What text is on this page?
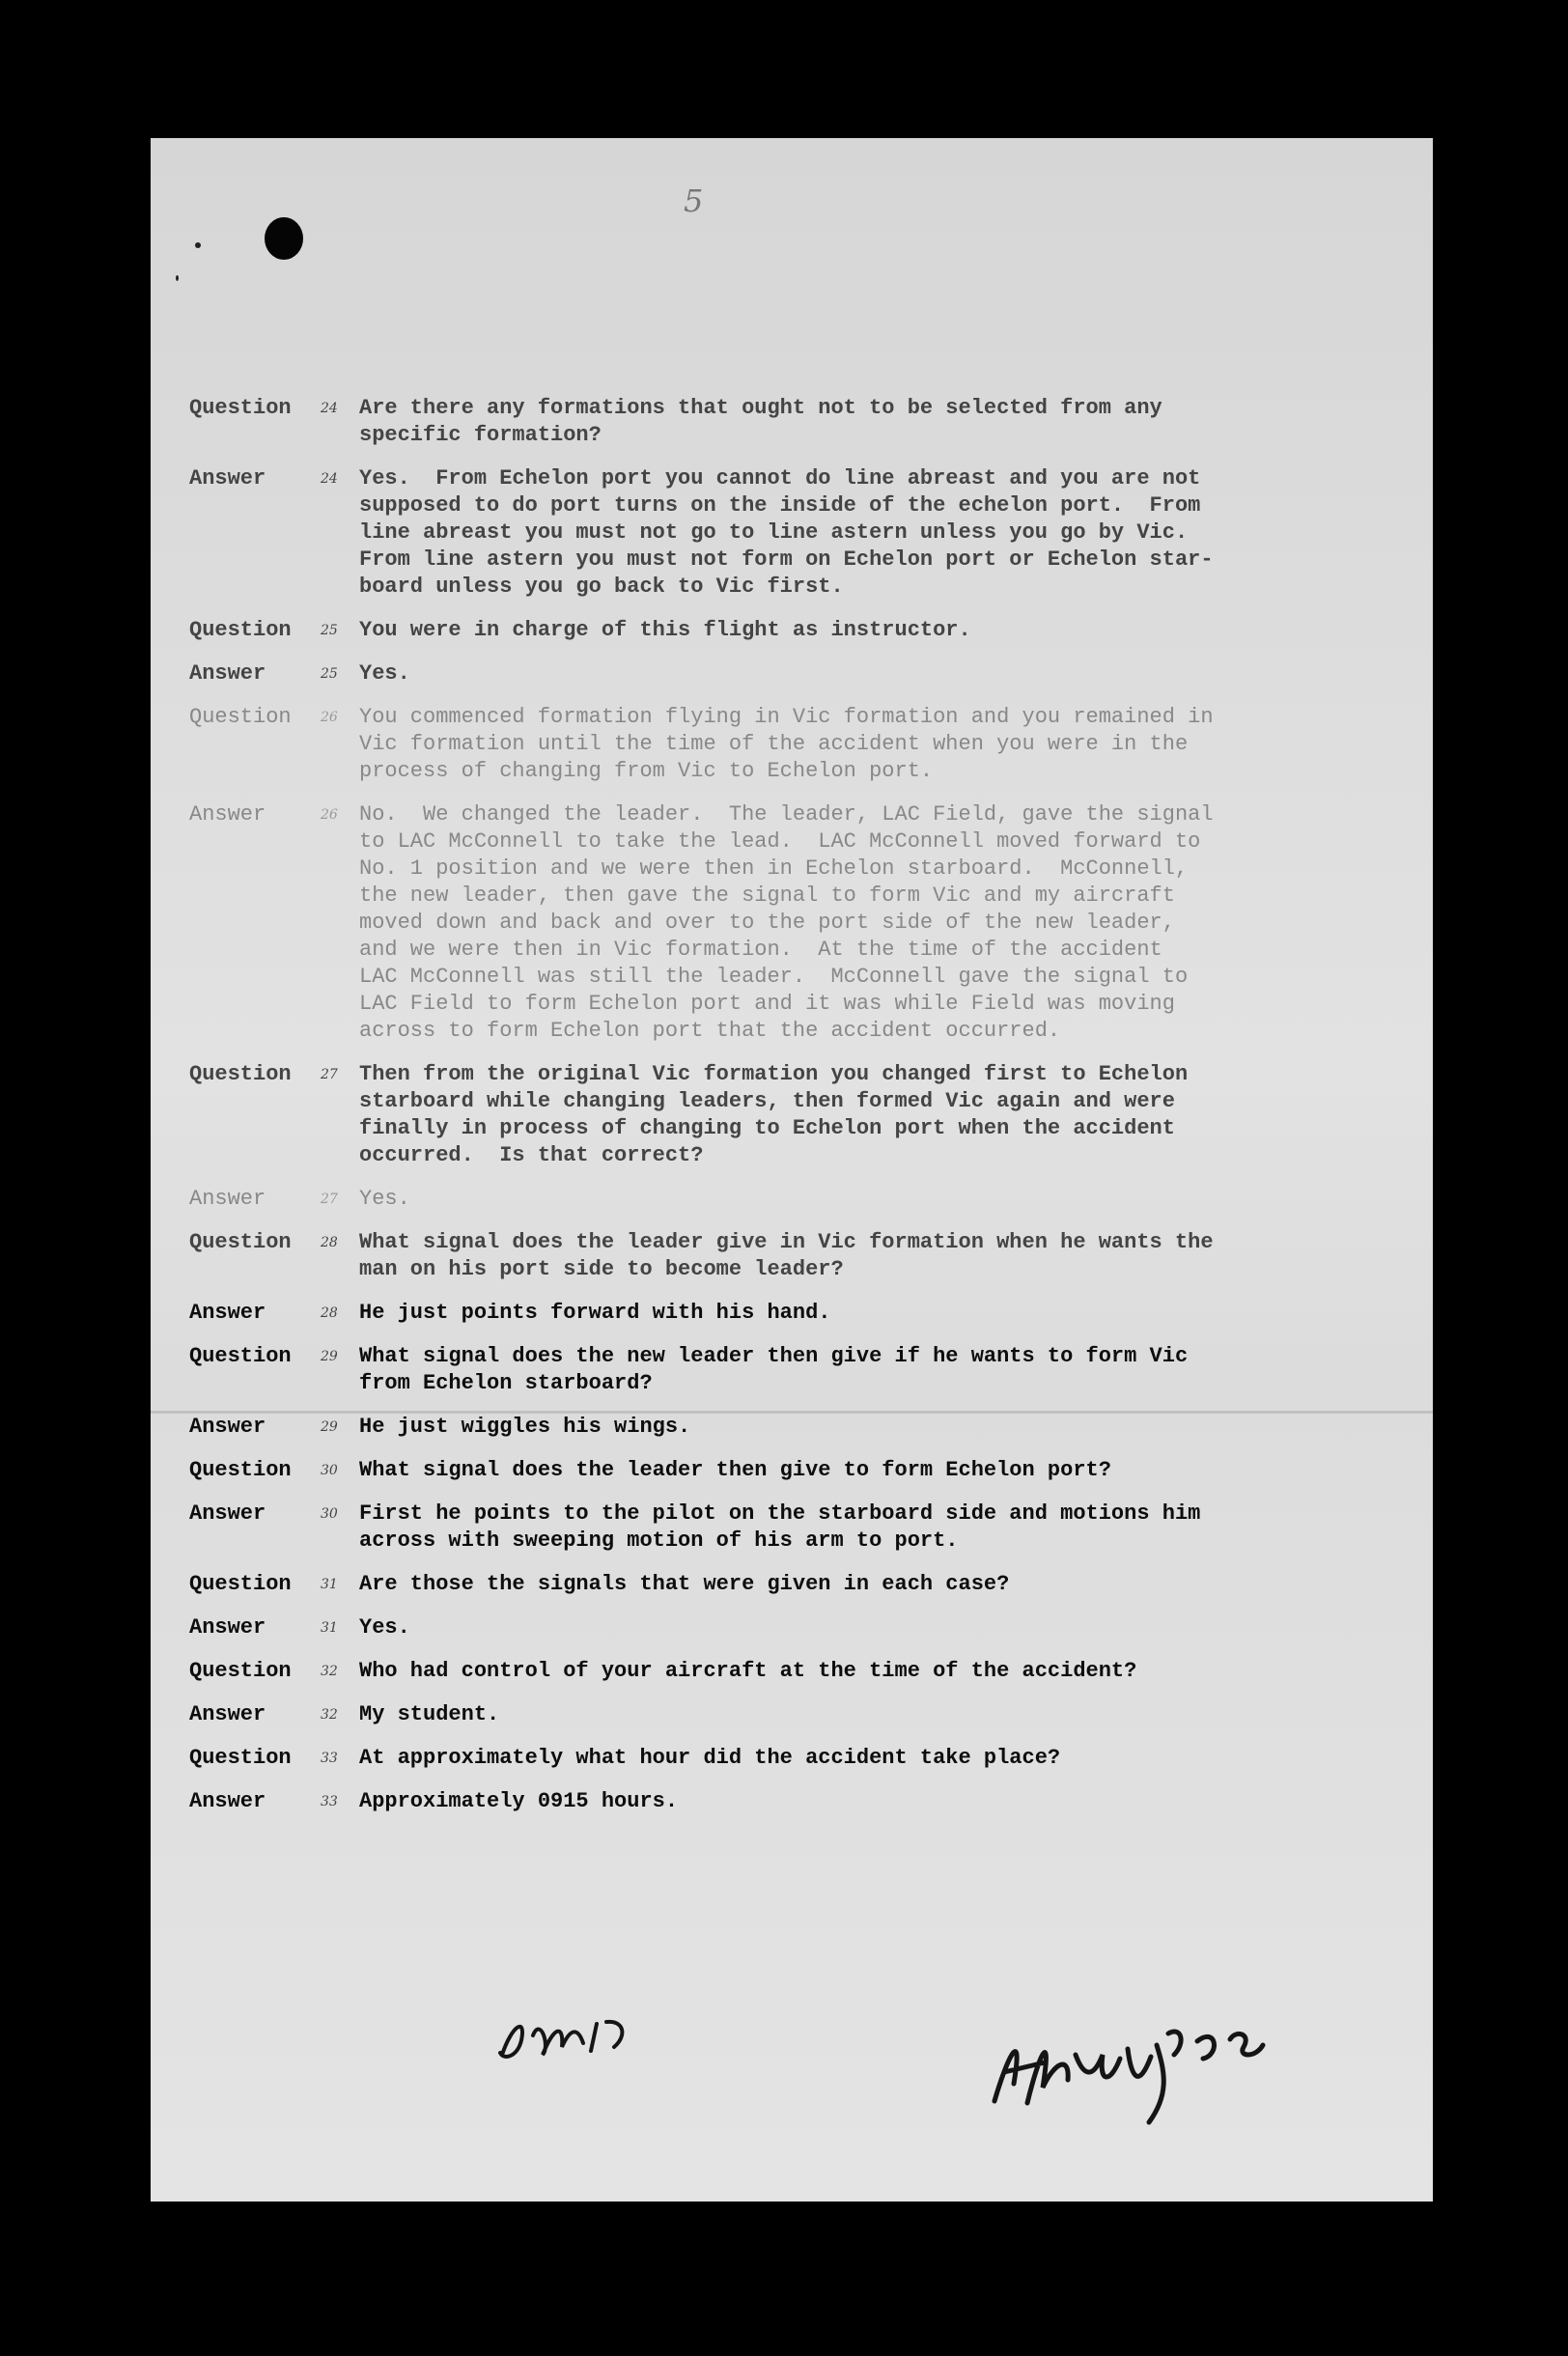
5
Question	24	Are there any formations that ought not to be selected from any
specific formation?
Answer	24	Yes.  From Echelon port you cannot do line abreast and you are not
supposed to do port turns on the inside of the echelon port.  From
line abreast you must not go to line astern unless you go by Vic.
From line astern you must not form on Echelon port or Echelon star-
board unless you go back to Vic first.
Question	25	You were in charge of this flight as instructor.
Answer	25	Yes.
Question	26	You commenced formation flying in Vic formation and you remained in
Vic formation until the time of the accident when you were in the
process of changing from Vic to Echelon port.
Answer	26	No.  We changed the leader.  The leader, LAC Field, gave the signal
to LAC McConnell to take the lead.  LAC McConnell moved forward to
No. 1 position and we were then in Echelon starboard.  McConnell,
the new leader, then gave the signal to form Vic and my aircraft
moved down and back and over to the port side of the new leader,
and we were then in Vic formation.  At the time of the accident
LAC McConnell was still the leader.  McConnell gave the signal to
LAC Field to form Echelon port and it was while Field was moving
across to form Echelon port that the accident occurred.
Question	27	Then from the original Vic formation you changed first to Echelon
starboard while changing leaders, then formed Vic again and were
finally in process of changing to Echelon port when the accident
occurred.  Is that correct?
Answer	27	Yes.
Question	28	What signal does the leader give in Vic formation when he wants the
man on his port side to become leader?
Answer	28	He just points forward with his hand.
Question	29	What signal does the new leader then give if he wants to form Vic
from Echelon starboard?
Answer	29	He just wiggles his wings.
Question	30	What signal does the leader then give to form Echelon port?
Answer	30	First he points to the pilot on the starboard side and motions him
across with sweeping motion of his arm to port.
Question	31	Are those the signals that were given in each case?
Answer	31	Yes.
Question	32	Who had control of your aircraft at the time of the accident?
Answer	32	My student.
Question	33	At approximately what hour did the accident take place?
Answer	33	Approximately 0915 hours.
